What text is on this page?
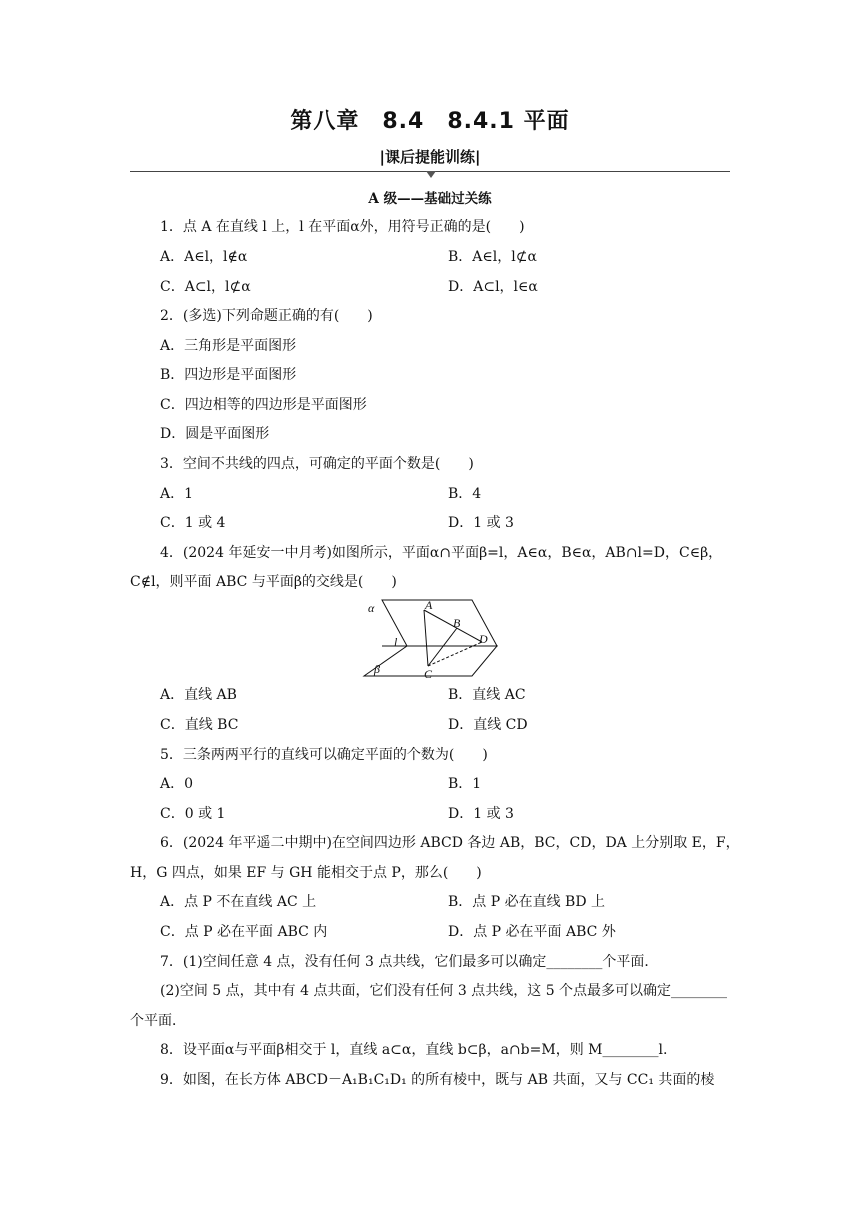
第八章　8.4　8.4.1 平面
|课后提能训练|
A 级——基础过关练
1．点 A 在直线 l 上，l 在平面α外，用符号正确的是(　　)
A．A∈l，l∉α	B．A∈l，l⊄α
C．A⊂l，l⊄α	D．A⊂l，l∈α
2．(多选)下列命题正确的有(　　)
A．三角形是平面图形
B．四边形是平面图形
C．四边相等的四边形是平面图形
D．圆是平面图形
3．空间不共线的四点，可确定的平面个数是(　　)
A．1	B．4
C．1 或 4	D．1 或 3
4．(2024 年延安一中月考)如图所示，平面α∩平面β=l，A∈α，B∈α，AB∩l=D，C∈β，
C∉l，则平面 ABC 与平面β的交线是(　　)
α
β
l
A
B
C
D
A．直线 AB	B．直线 AC
C．直线 BC	D．直线 CD
5．三条两两平行的直线可以确定平面的个数为(　　)
A．0	B．1
C．0 或 1	D．1 或 3
6．(2024 年平遥二中期中)在空间四边形 ABCD 各边 AB，BC，CD，DA 上分别取 E，F，
H，G 四点，如果 EF 与 GH 能相交于点 P，那么(　　)
A．点 P 不在直线 AC 上	B．点 P 必在直线 BD 上
C．点 P 必在平面 ABC 内	D．点 P 必在平面 ABC 外
7．(1)空间任意 4 点，没有任何 3 点共线，它们最多可以确定________个平面．
(2)空间 5 点，其中有 4 点共面，它们没有任何 3 点共线，这 5 个点最多可以确定________
个平面．
8．设平面α与平面β相交于 l，直线 a⊂α，直线 b⊂β，a∩b=M，则 M________l.
9．如图，在长方体 ABCD－A₁B₁C₁D₁ 的所有棱中，既与 AB 共面，又与 CC₁ 共面的棱
